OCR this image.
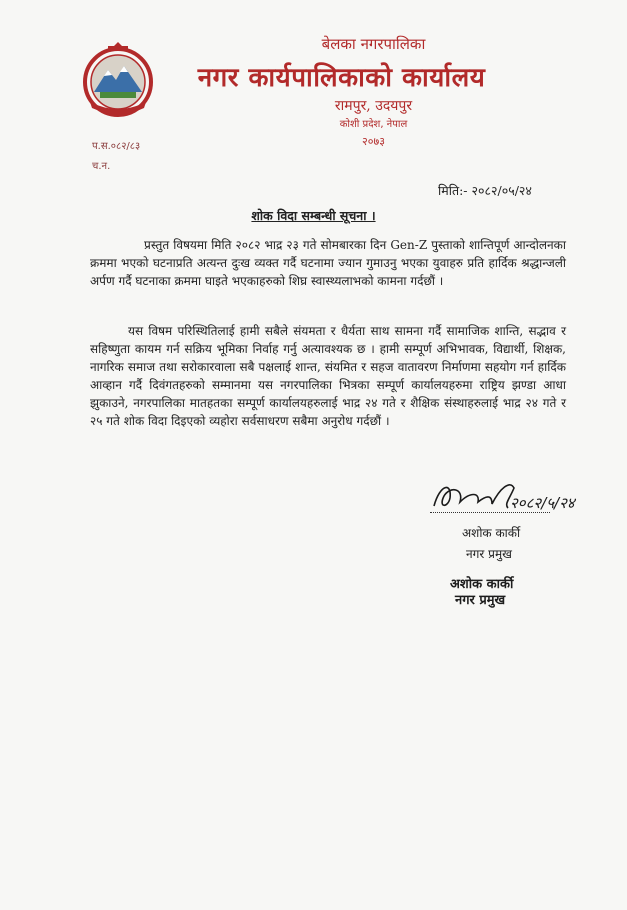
बेलका नगरपालिका
नगर कार्यपालिकाको कार्यालय
रामपुर, उदयपुर
कोशी प्रदेश, नेपाल
२०७३
प.स.०८२/८३
च.न.
मिति:- २०८२/०५/२४
शोक विदा सम्बन्धी सूचना ।

प्रस्तुत विषयमा मिति २०८२ भाद्र २३ गते सोमबारका दिन Gen-Z पुस्ताको शान्तिपूर्ण आन्दोलनका क्रममा भएको घटनाप्रति अत्यन्त दुःख व्यक्त गर्दै घटनामा ज्यान गुमाउनु भएका युवाहरु प्रति हार्दिक श्रद्धान्जली अर्पण गर्दै घटनाका क्रममा घाइते भएकाहरुको शिघ्र स्वास्थ्यलाभको कामना गर्दछौं ।

यस विषम परिस्थितिलाई हामी सबैले संयमता र धैर्यता साथ सामना गर्दै सामाजिक शान्ति, सद्भाव र सहिष्णुता कायम गर्न सक्रिय भूमिका निर्वाह गर्नु अत्यावश्यक छ । हामी सम्पूर्ण अभिभावक, विद्यार्थी, शिक्षक, नागरिक समाज तथा सरोकारवाला सबै पक्षलाई शान्त, संयमित र सहज वातावरण निर्माणमा सहयोग गर्न हार्दिक आव्हान गर्दै दिवंगतहरुको सम्मानमा यस नगरपालिका भित्रका सम्पूर्ण कार्यालयहरुमा राष्ट्रिय झण्डा आधा झुकाउने, नगरपालिका मातहतका सम्पूर्ण कार्यालयहरुलाई भाद्र २४ गते र शैक्षिक संस्थाहरुलाई भाद्र २४ गते र २५ गते शोक विदा दिइएको व्यहोरा सर्वसाधरण सबैमा अनुरोध गर्दछौं ।

२०८२/५/२४
अशोक कार्की
नगर प्रमुख
अशोक कार्की
नगर प्रमुख
